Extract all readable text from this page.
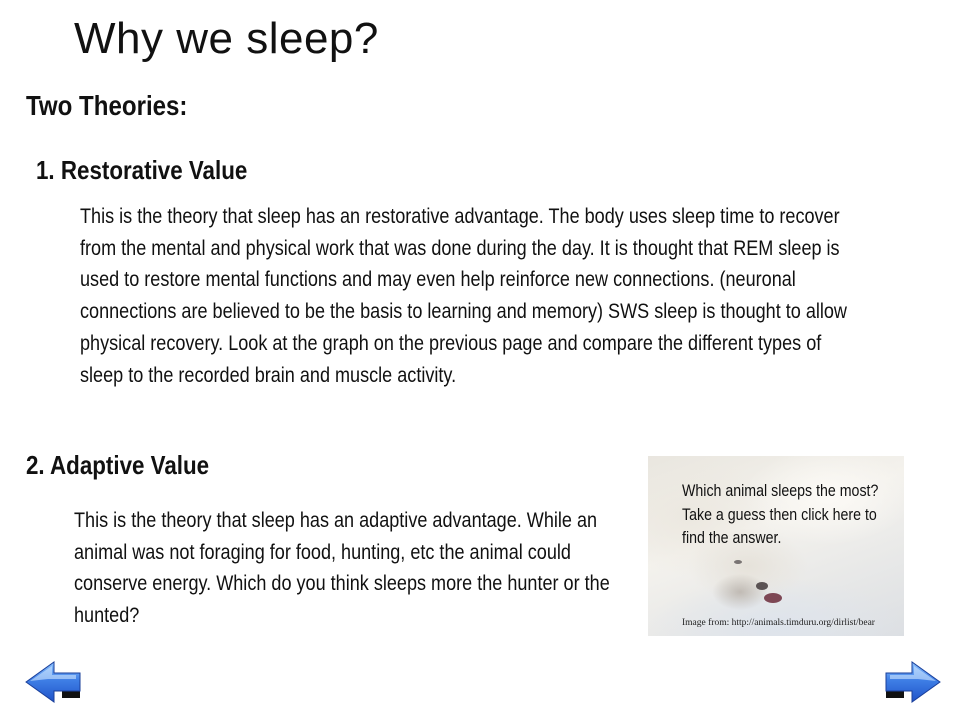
Why we sleep?
Two Theories:
1. Restorative Value
This is the theory that sleep has an restorative advantage. The body uses sleep time to recover from the mental and physical work that was done during the day. It is thought that REM sleep is used to restore mental functions and may even help reinforce new connections. (neuronal connections are believed to be the basis to learning and memory) SWS sleep is thought to allow physical recovery. Look at the graph on the previous page and compare the different types of sleep to the recorded brain and muscle activity.
2. Adaptive Value
This is the theory that sleep has an adaptive advantage. While an animal was not foraging for food, hunting, etc the animal could conserve energy. Which do you think sleeps more the hunter or the hunted?
Which animal sleeps the most? Take a guess then click here to find the answer.
Image from: http://animals.timduru.org/dirlist/bear
